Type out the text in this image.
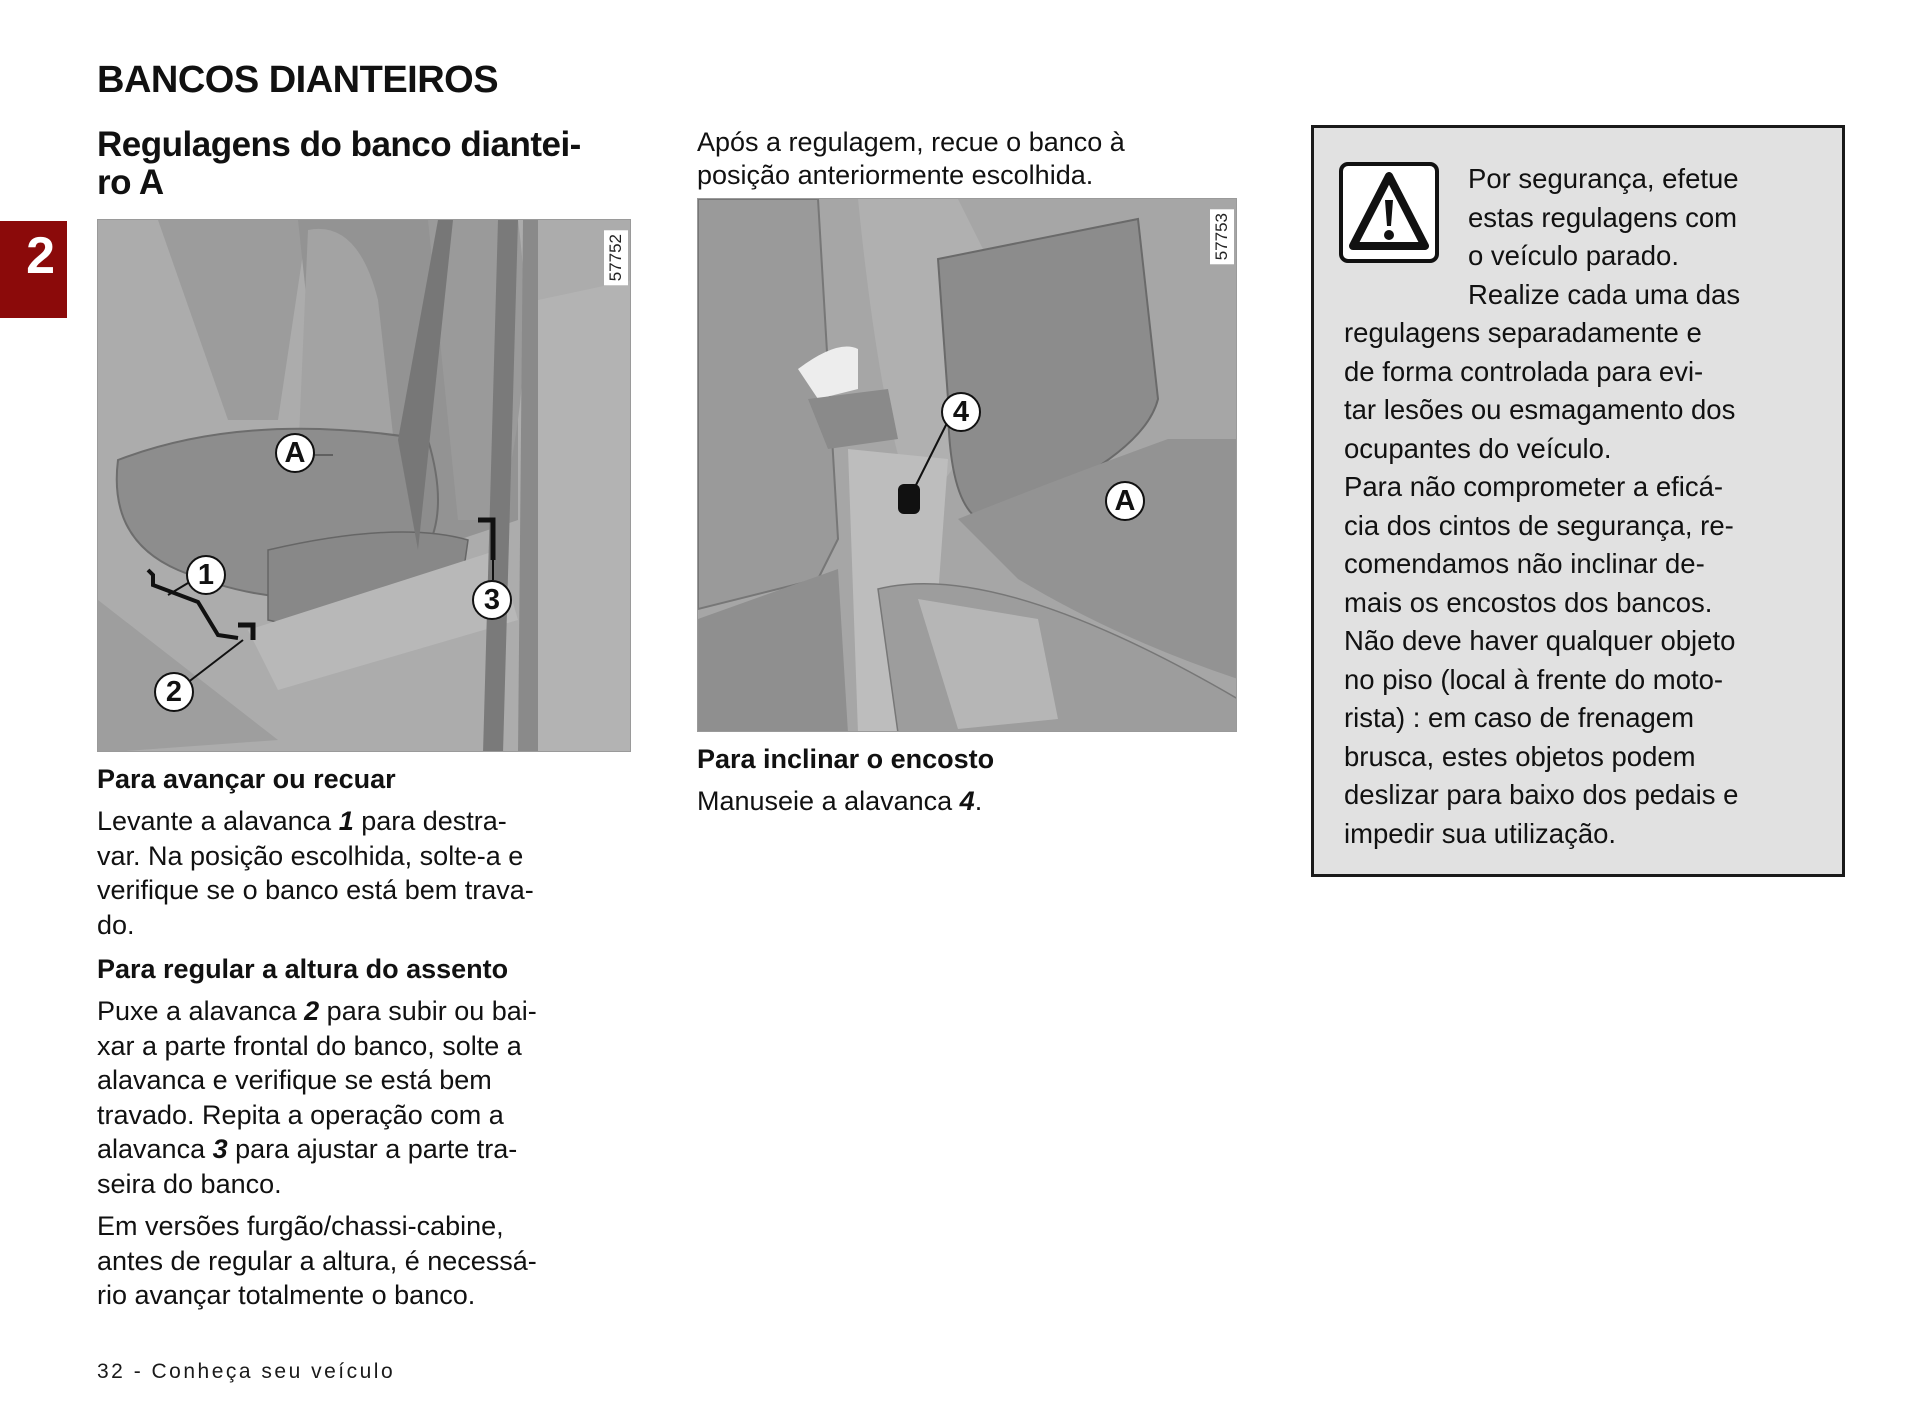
BANCOS DIANTEIROS
2
Regulagens do banco diantei-
ro A
57752
A
1
2
3
Para avançar ou recuar
Levante a alavanca 1 para destra-
var. Na posição escolhida, solte-a e
verifique se o banco está bem trava-
do.
Para regular a altura do assento
Puxe a alavanca 2 para subir ou bai-
xar a parte frontal do banco, solte a
alavanca e verifique se está bem
travado. Repita a operação com a
alavanca 3 para ajustar a parte tra-
seira do banco.
Em versões furgão/chassi-cabine,
antes de regular a altura, é necessá-
rio avançar totalmente o banco.
Após a regulagem, recue o banco à
posição anteriormente escolhida.
57753
4
A
Para inclinar o encosto
Manuseie a alavanca 4.
Por segurança, efetue
estas regulagens com
o veículo parado.
Realize cada uma das
regulagens separadamente e
de forma controlada para evi-
tar lesões ou esmagamento dos
ocupantes do veículo.
Para não comprometer a eficá-
cia dos cintos de segurança, re-
comendamos não inclinar de-
mais os encostos dos bancos.
Não deve haver qualquer objeto
no piso (local à frente do moto-
rista) : em caso de frenagem
brusca, estes objetos podem
deslizar para baixo dos pedais e
impedir sua utilização.
32 - Conheça seu veículo
